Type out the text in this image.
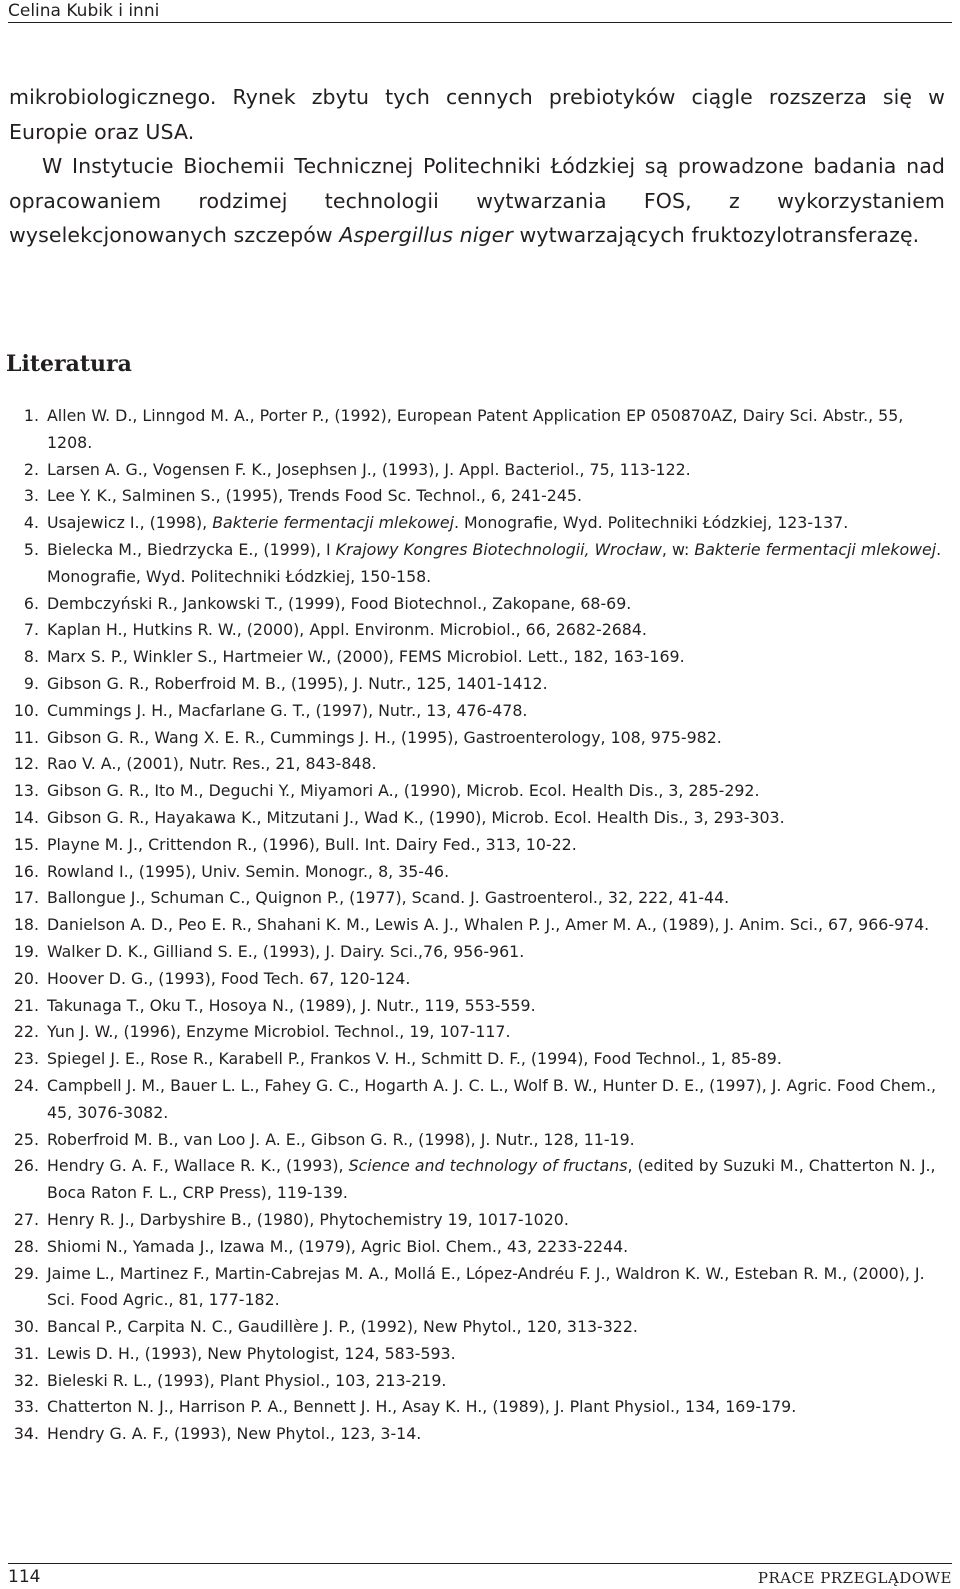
Celina Kubik i inni

mikrobiologicznego. Rynek zbytu tych cennych prebiotyków ciągle rozszerza się w Europie oraz USA.

W Instytucie Biochemii Technicznej Politechniki Łódzkiej są prowadzone badania nad opracowaniem rodzimej technologii wytwarzania FOS, z wykorzystaniem wyselekcjonowanych szczepów Aspergillus niger wytwarzających fruktozylotransferazę.

Literatura
1. Allen W. D., Linngod M. A., Porter P., (1992), European Patent Application EP 050870AZ, Dairy Sci. Abstr., 55, 1208.
2. Larsen A. G., Vogensen F. K., Josephsen J., (1993), J. Appl. Bacteriol., 75, 113-122.
3. Lee Y. K., Salminen S., (1995), Trends Food Sc. Technol., 6, 241-245.
4. Usajewicz I., (1998), Bakterie fermentacji mlekowej. Monografie, Wyd. Politechniki Łódzkiej, 123-137.
5. Bielecka M., Biedrzycka E., (1999), I Krajowy Kongres Biotechnologii, Wrocław, w: Bakterie fermentacji mlekowej. Monografie, Wyd. Politechniki Łódzkiej, 150-158.
6. Dembczyński R., Jankowski T., (1999), Food Biotechnol., Zakopane, 68-69.
7. Kaplan H., Hutkins R. W., (2000), Appl. Environm. Microbiol., 66, 2682-2684.
8. Marx S. P., Winkler S., Hartmeier W., (2000), FEMS Microbiol. Lett., 182, 163-169.
9. Gibson G. R., Roberfroid M. B., (1995), J. Nutr., 125, 1401-1412.
10. Cummings J. H., Macfarlane G. T., (1997), Nutr., 13, 476-478.
11. Gibson G. R., Wang X. E. R., Cummings J. H., (1995), Gastroenterology, 108, 975-982.
12. Rao V. A., (2001), Nutr. Res., 21, 843-848.
13. Gibson G. R., Ito M., Deguchi Y., Miyamori A., (1990), Microb. Ecol. Health Dis., 3, 285-292.
14. Gibson G. R., Hayakawa K., Mitzutani J., Wad K., (1990), Microb. Ecol. Health Dis., 3, 293-303.
15. Playne M. J., Crittendon R., (1996), Bull. Int. Dairy Fed., 313, 10-22.
16. Rowland I., (1995), Univ. Semin. Monogr., 8, 35-46.
17. Ballongue J., Schuman C., Quignon P., (1977), Scand. J. Gastroenterol., 32, 222, 41-44.
18. Danielson A. D., Peo E. R., Shahani K. M., Lewis A. J., Whalen P. J., Amer M. A., (1989), J. Anim. Sci., 67, 966-974.
19. Walker D. K., Gilliand S. E., (1993), J. Dairy. Sci.,76, 956-961.
20. Hoover D. G., (1993), Food Tech. 67, 120-124.
21. Takunaga T., Oku T., Hosoya N., (1989), J. Nutr., 119, 553-559.
22. Yun J. W., (1996), Enzyme Microbiol. Technol., 19, 107-117.
23. Spiegel J. E., Rose R., Karabell P., Frankos V. H., Schmitt D. F., (1994), Food Technol., 1, 85-89.
24. Campbell J. M., Bauer L. L., Fahey G. C., Hogarth A. J. C. L., Wolf B. W., Hunter D. E., (1997), J. Agric. Food Chem., 45, 3076-3082.
25. Roberfroid M. B., van Loo J. A. E., Gibson G. R., (1998), J. Nutr., 128, 11-19.
26. Hendry G. A. F., Wallace R. K., (1993), Science and technology of fructans, (edited by Suzuki M., Chatterton N. J., Boca Raton F. L., CRP Press), 119-139.
27. Henry R. J., Darbyshire B., (1980), Phytochemistry 19, 1017-1020.
28. Shiomi N., Yamada J., Izawa M., (1979), Agric Biol. Chem., 43, 2233-2244.
29. Jaime L., Martinez F., Martin-Cabrejas M. A., Mollá E., López-Andréu F. J., Waldron K. W., Esteban R. M., (2000), J. Sci. Food Agric., 81, 177-182.
30. Bancal P., Carpita N. C., Gaudillère J. P., (1992), New Phytol., 120, 313-322.
31. Lewis D. H., (1993), New Phytologist, 124, 583-593.
32. Bieleski R. L., (1993), Plant Physiol., 103, 213-219.
33. Chatterton N. J., Harrison P. A., Bennett J. H., Asay K. H., (1989), J. Plant Physiol., 134, 169-179.
34. Hendry G. A. F., (1993), New Phytol., 123, 3-14.
114	PRACE PRZEGLĄDOWE
